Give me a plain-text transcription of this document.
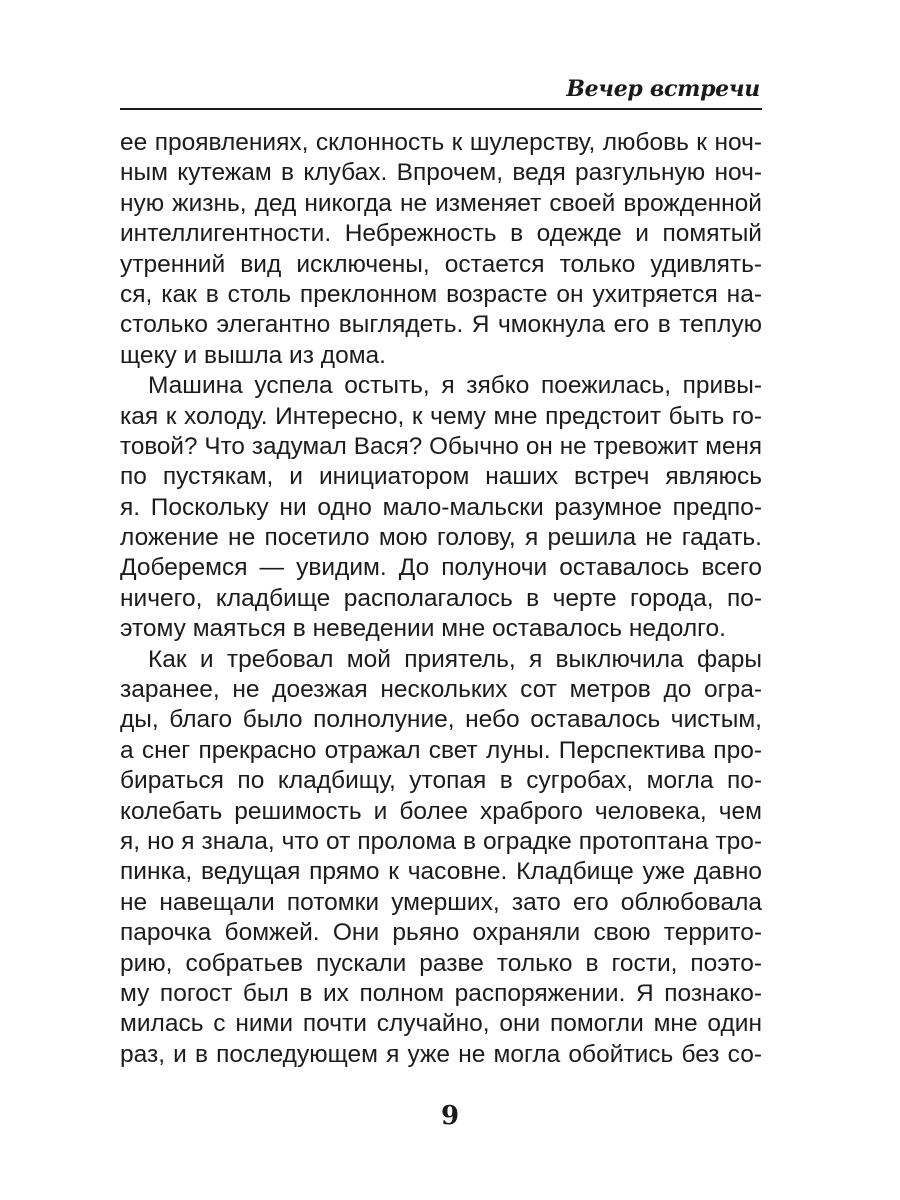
Вечер встречи
ее проявлениях, склонность к шулерству, любовь к ноч-
ным кутежам в клубах. Впрочем, ведя разгульную ноч-
ную жизнь, дед никогда не изменяет своей врожденной
интеллигентности. Небрежность в одежде и помятый
утренний вид исключены, остается только удивлять-
ся, как в столь преклонном возрасте он ухитряется на-
столько элегантно выглядеть. Я чмокнула его в теплую
щеку и вышла из дома.
Машина успела остыть, я зябко поежилась, привы-
кая к холоду. Интересно, к чему мне предстоит быть го-
товой? Что задумал Вася? Обычно он не тревожит меня
по пустякам, и инициатором наших встреч являюсь
я. Поскольку ни одно мало-мальски разумное предпо-
ложение не посетило мою голову, я решила не гадать.
Доберемся — увидим. До полуночи оставалось всего
ничего, кладбище располагалось в черте города, по-
этому маяться в неведении мне оставалось недолго.
Как и требовал мой приятель, я выключила фары
заранее, не доезжая нескольких сот метров до огра-
ды, благо было полнолуние, небо оставалось чистым,
а снег прекрасно отражал свет луны. Перспектива про-
бираться по кладбищу, утопая в сугробах, могла по-
колебать решимость и более храброго человека, чем
я, но я знала, что от пролома в оградке протоптана тро-
пинка, ведущая прямо к часовне. Кладбище уже давно
не навещали потомки умерших, зато его облюбовала
парочка бомжей. Они рьяно охраняли свою террито-
рию, собратьев пускали разве только в гости, поэто-
му погост был в их полном распоряжении. Я познако-
милась с ними почти случайно, они помогли мне один
раз, и в последующем я уже не могла обойтись без со-
9
